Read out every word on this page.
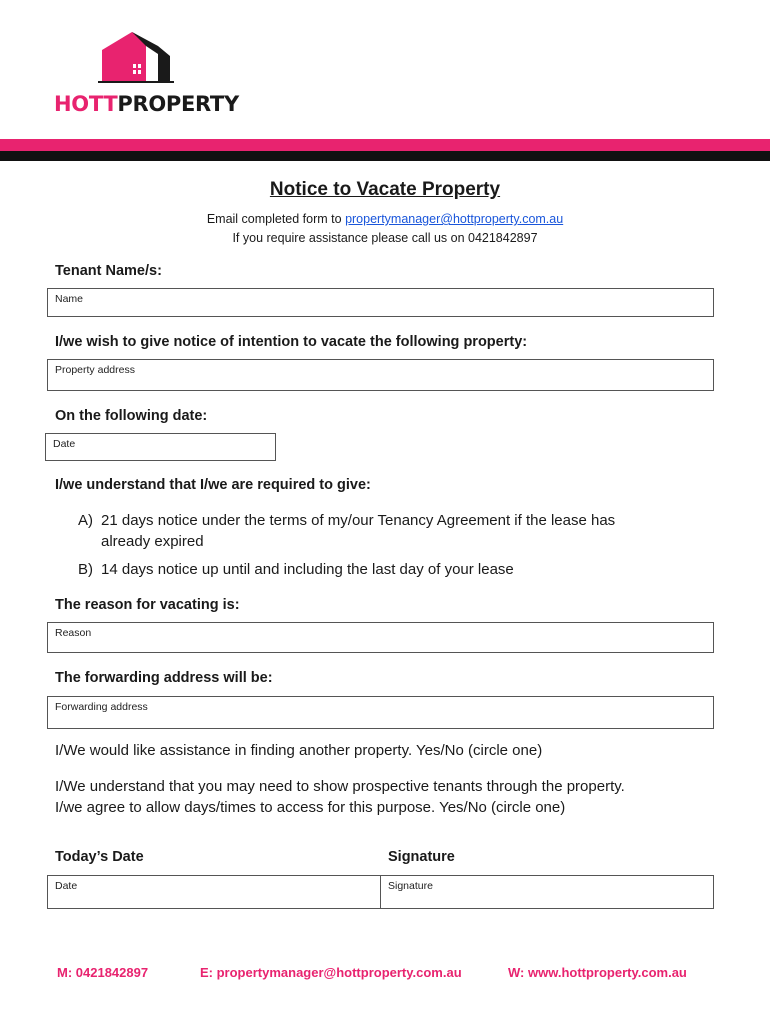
HOTTPROPERTY
Notice to Vacate Property
Email completed form to propertymanager@hottproperty.com.au
If you require assistance please call us on 0421842897
Tenant Name/s:
Name
I/we wish to give notice of intention to vacate the following property:
Property address
On the following date:
Date
I/we understand that I/we are required to give:
A) 21 days notice under the terms of my/our Tenancy Agreement if the lease has
already expired
B) 14 days notice up until and including the last day of your lease
The reason for vacating is:
Reason
The forwarding address will be:
Forwarding address
I/We would like assistance in finding another property. Yes/No (circle one)
I/We understand that you may need to show prospective tenants through the property.
I/we agree to allow days/times to access for this purpose. Yes/No (circle one)
Today’s Date	Signature
Date	Signature
M: 0421842897	E: propertymanager@hottproperty.com.au	W: www.hottproperty.com.au
